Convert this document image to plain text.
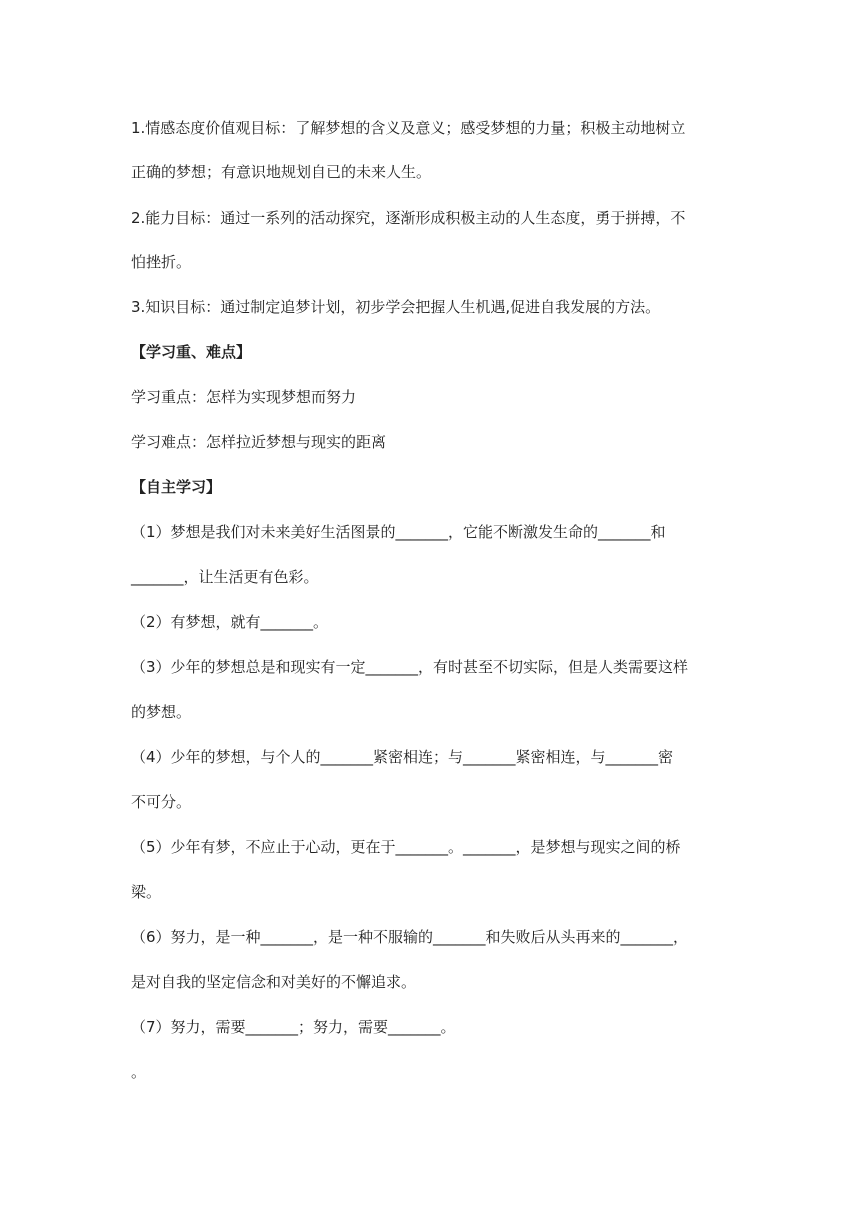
1.情感态度价值观目标：了解梦想的含义及意义；感受梦想的力量；积极主动地树立
正确的梦想；有意识地规划自已的未来人生。
2.能力目标：通过一系列的活动探究，逐渐形成积极主动的人生态度，勇于拼搏，不
怕挫折。
3.知识目标：通过制定追梦计划，初步学会把握人生机遇,促进自我发展的方法。
【学习重、难点】
学习重点：怎样为实现梦想而努力
学习难点：怎样拉近梦想与现实的距离
【自主学习】
（1）梦想是我们对未来美好生活图景的_______，它能不断激发生命的_______和
_______，让生活更有色彩。
（2）有梦想，就有_______。
（3）少年的梦想总是和现实有一定_______，有时甚至不切实际，但是人类需要这样
的梦想。
（4）少年的梦想，与个人的_______紧密相连；与_______紧密相连，与_______密
不可分。
（5）少年有梦，不应止于心动，更在于_______。_______，是梦想与现实之间的桥
梁。
（6）努力，是一种_______，是一种不服输的_______和失败后从头再来的_______，
是对自我的坚定信念和对美好的不懈追求。
（7）努力，需要_______；努力，需要_______。
。
